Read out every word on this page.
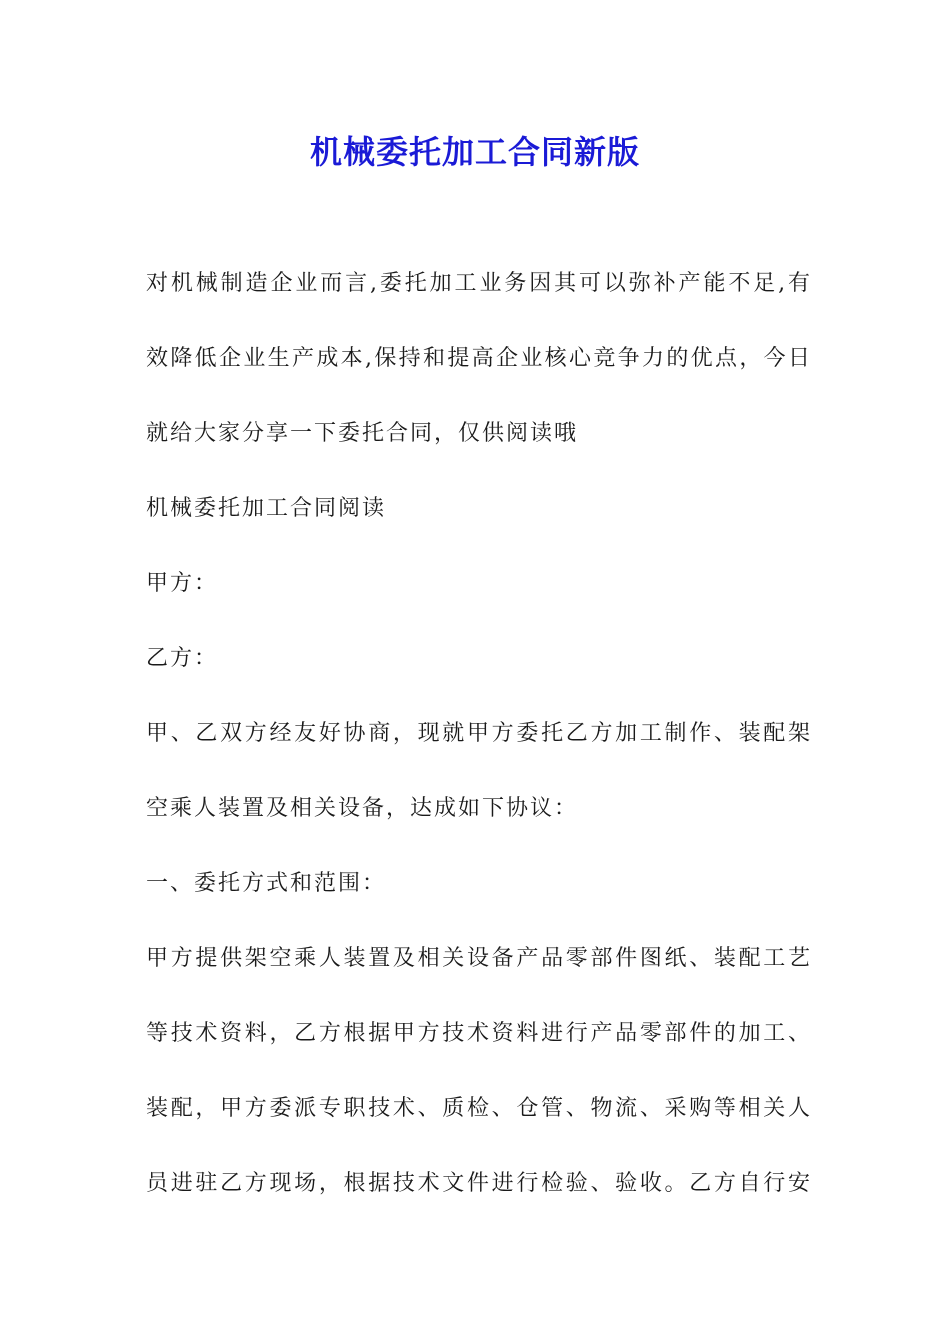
机械委托加工合同新版
对机械制造企业而言,委托加工业务因其可以弥补产能不足,有
效降低企业生产成本,保持和提高企业核心竞争力的优点，今日
就给大家分享一下委托合同，仅供阅读哦
机械委托加工合同阅读
甲方：
乙方：
甲、乙双方经友好协商，现就甲方委托乙方加工制作、装配架
空乘人装置及相关设备，达成如下协议：
一、委托方式和范围：
甲方提供架空乘人装置及相关设备产品零部件图纸、装配工艺
等技术资料，乙方根据甲方技术资料进行产品零部件的加工、
装配，甲方委派专职技术、质检、仓管、物流、采购等相关人
员进驻乙方现场，根据技术文件进行检验、验收。乙方自行安
